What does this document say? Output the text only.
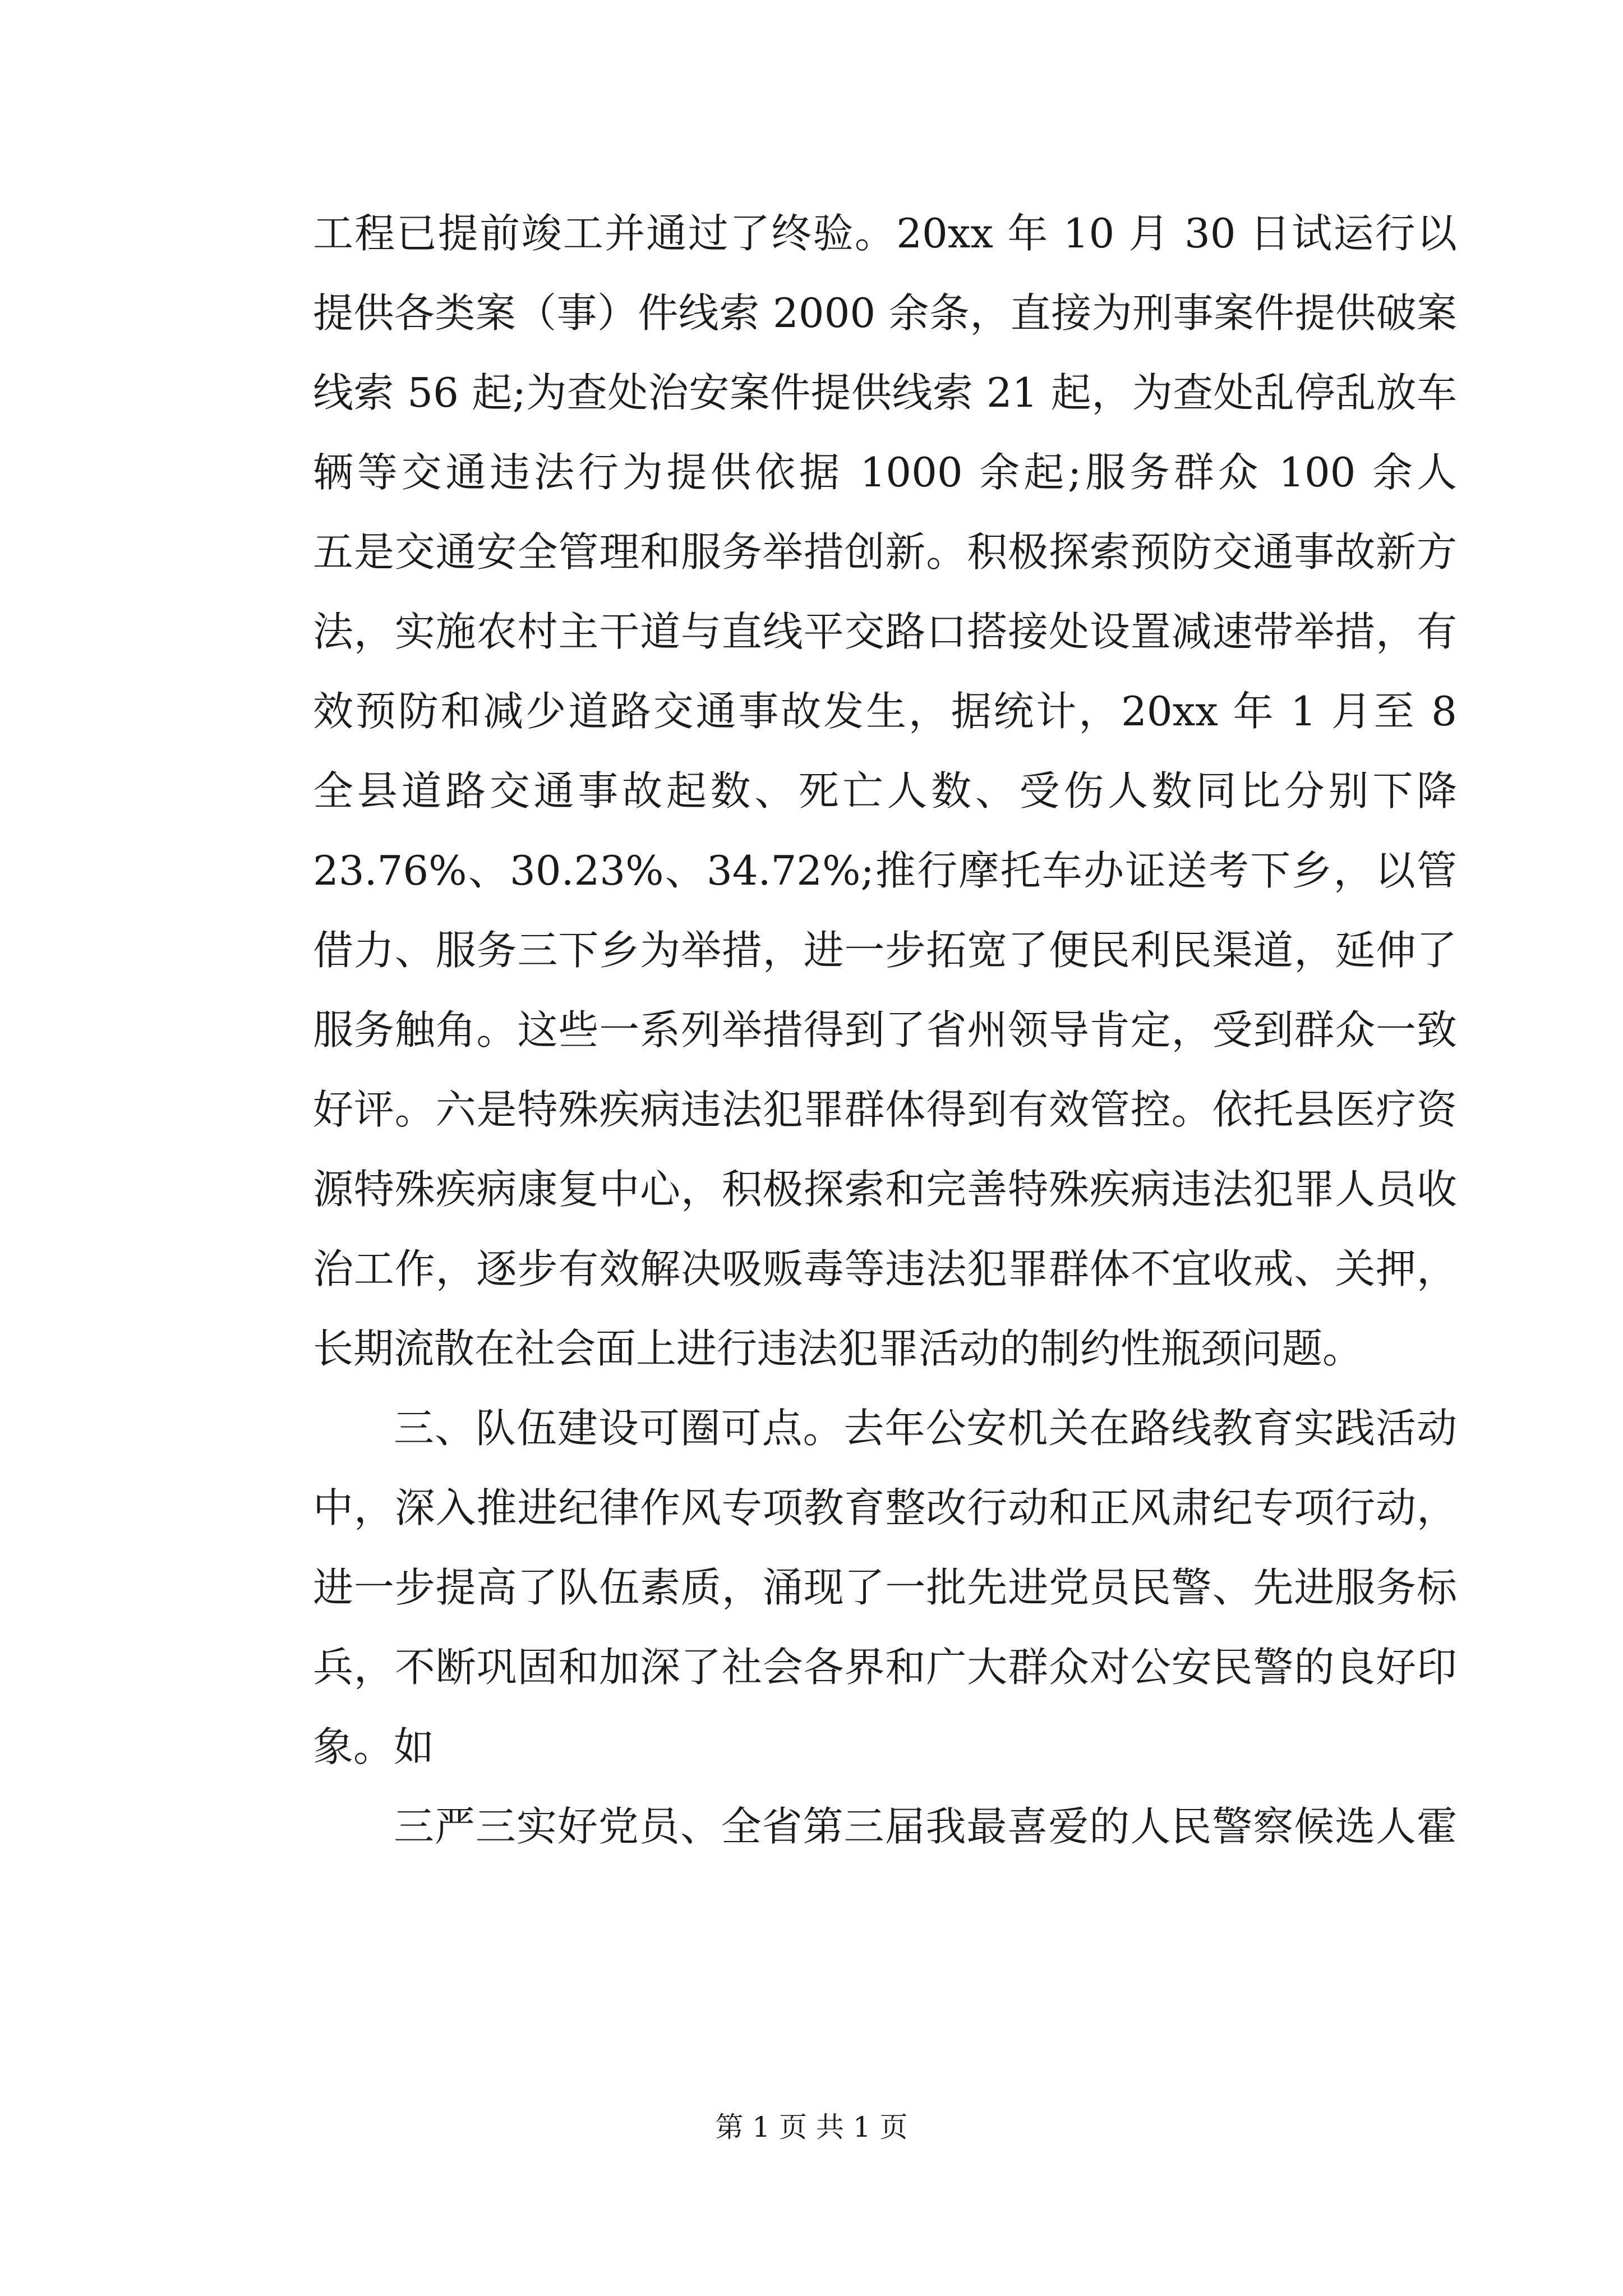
工程已提前竣工并通过了终验。20xx 年 10 月 30 日试运行以
提供各类案（事）件线索 2000 余条，直接为刑事案件提供破案
线索 56 起;为查处治安案件提供线索 21 起，为查处乱停乱放车
辆等交通违法行为提供依据 1000 余起;服务群众 100 余人
五是交通安全管理和服务举措创新。积极探索预防交通事故新方
法，实施农村主干道与直线平交路口搭接处设置减速带举措，有
效预防和减少道路交通事故发生，据统计，20xx 年 1 月至 8
全县道路交通事故起数、死亡人数、受伤人数同比分别下降
23.76%、30.23%、34.72%;推行摩托车办证送考下乡，以管
借力、服务三下乡为举措，进一步拓宽了便民利民渠道，延伸了
服务触角。这些一系列举措得到了省州领导肯定，受到群众一致
好评。六是特殊疾病违法犯罪群体得到有效管控。依托县医疗资
源特殊疾病康复中心，积极探索和完善特殊疾病违法犯罪人员收
治工作，逐步有效解决吸贩毒等违法犯罪群体不宜收戒、关押，
长期流散在社会面上进行违法犯罪活动的制约性瓶颈问题。
三、队伍建设可圈可点。去年公安机关在路线教育实践活动
中，深入推进纪律作风专项教育整改行动和正风肃纪专项行动，
进一步提高了队伍素质，涌现了一批先进党员民警、先进服务标
兵，不断巩固和加深了社会各界和广大群众对公安民警的良好印
象。如
三严三实好党员、全省第三届我最喜爱的人民警察候选人霍
第 1 页 共 1 页
